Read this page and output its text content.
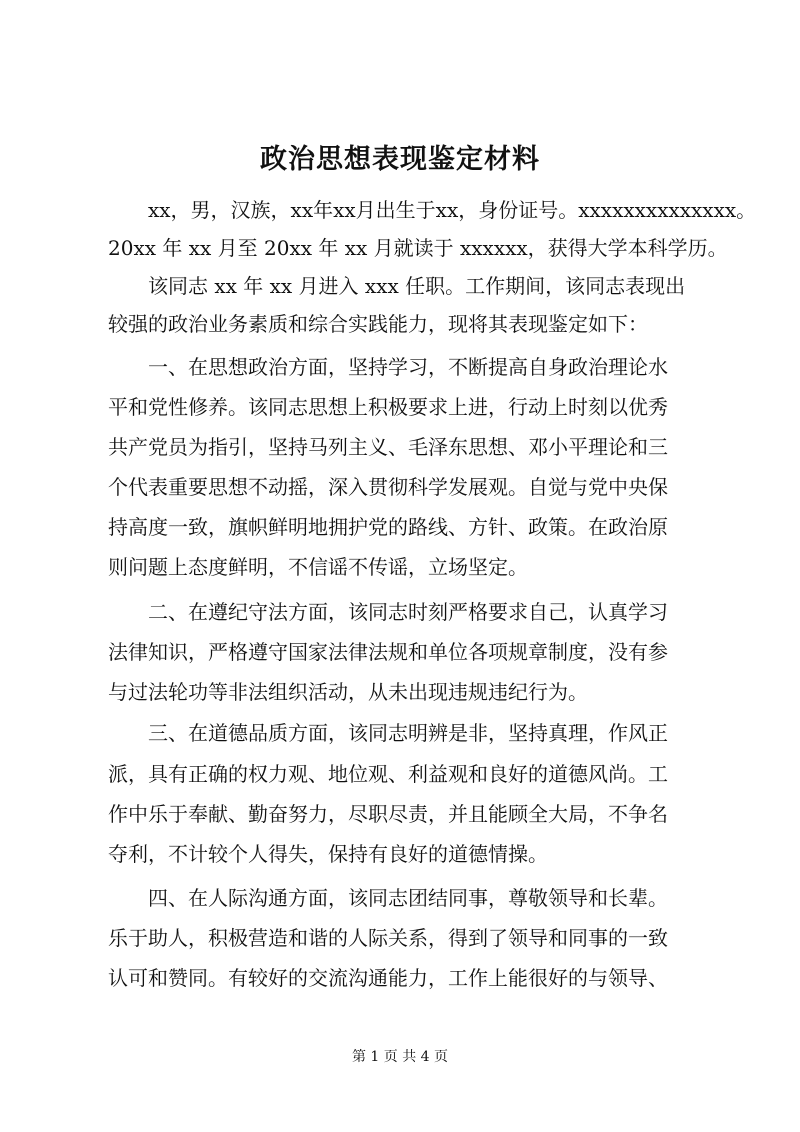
政治思想表现鉴定材料

xx，男，汉族，xx年xx月出生于xx，身份证号。xxxxxxxxxxxxxx。

20xx 年 xx 月至 20xx 年 xx 月就读于 xxxxxx，获得大学本科学历。

该同志 xx 年 xx 月进入 xxx 任职。工作期间，该同志表现出

较强的政治业务素质和综合实践能力，现将其表现鉴定如下：

一、在思想政治方面，坚持学习，不断提高自身政治理论水

平和党性修养。该同志思想上积极要求上进，行动上时刻以优秀

共产党员为指引，坚持马列主义、毛泽东思想、邓小平理论和三

个代表重要思想不动摇，深入贯彻科学发展观。自觉与党中央保

持高度一致，旗帜鲜明地拥护党的路线、方针、政策。在政治原

则问题上态度鲜明，不信谣不传谣，立场坚定。

二、在遵纪守法方面，该同志时刻严格要求自己，认真学习

法律知识，严格遵守国家法律法规和单位各项规章制度，没有参

与过法轮功等非法组织活动，从未出现违规违纪行为。

三、在道德品质方面，该同志明辨是非，坚持真理，作风正

派，具有正确的权力观、地位观、利益观和良好的道德风尚。工

作中乐于奉献、勤奋努力，尽职尽责，并且能顾全大局，不争名

夺利，不计较个人得失，保持有良好的道德情操。

四、在人际沟通方面，该同志团结同事，尊敬领导和长辈。

乐于助人，积极营造和谐的人际关系，得到了领导和同事的一致

认可和赞同。有较好的交流沟通能力，工作上能很好的与领导、

第 1 页 共 4 页
